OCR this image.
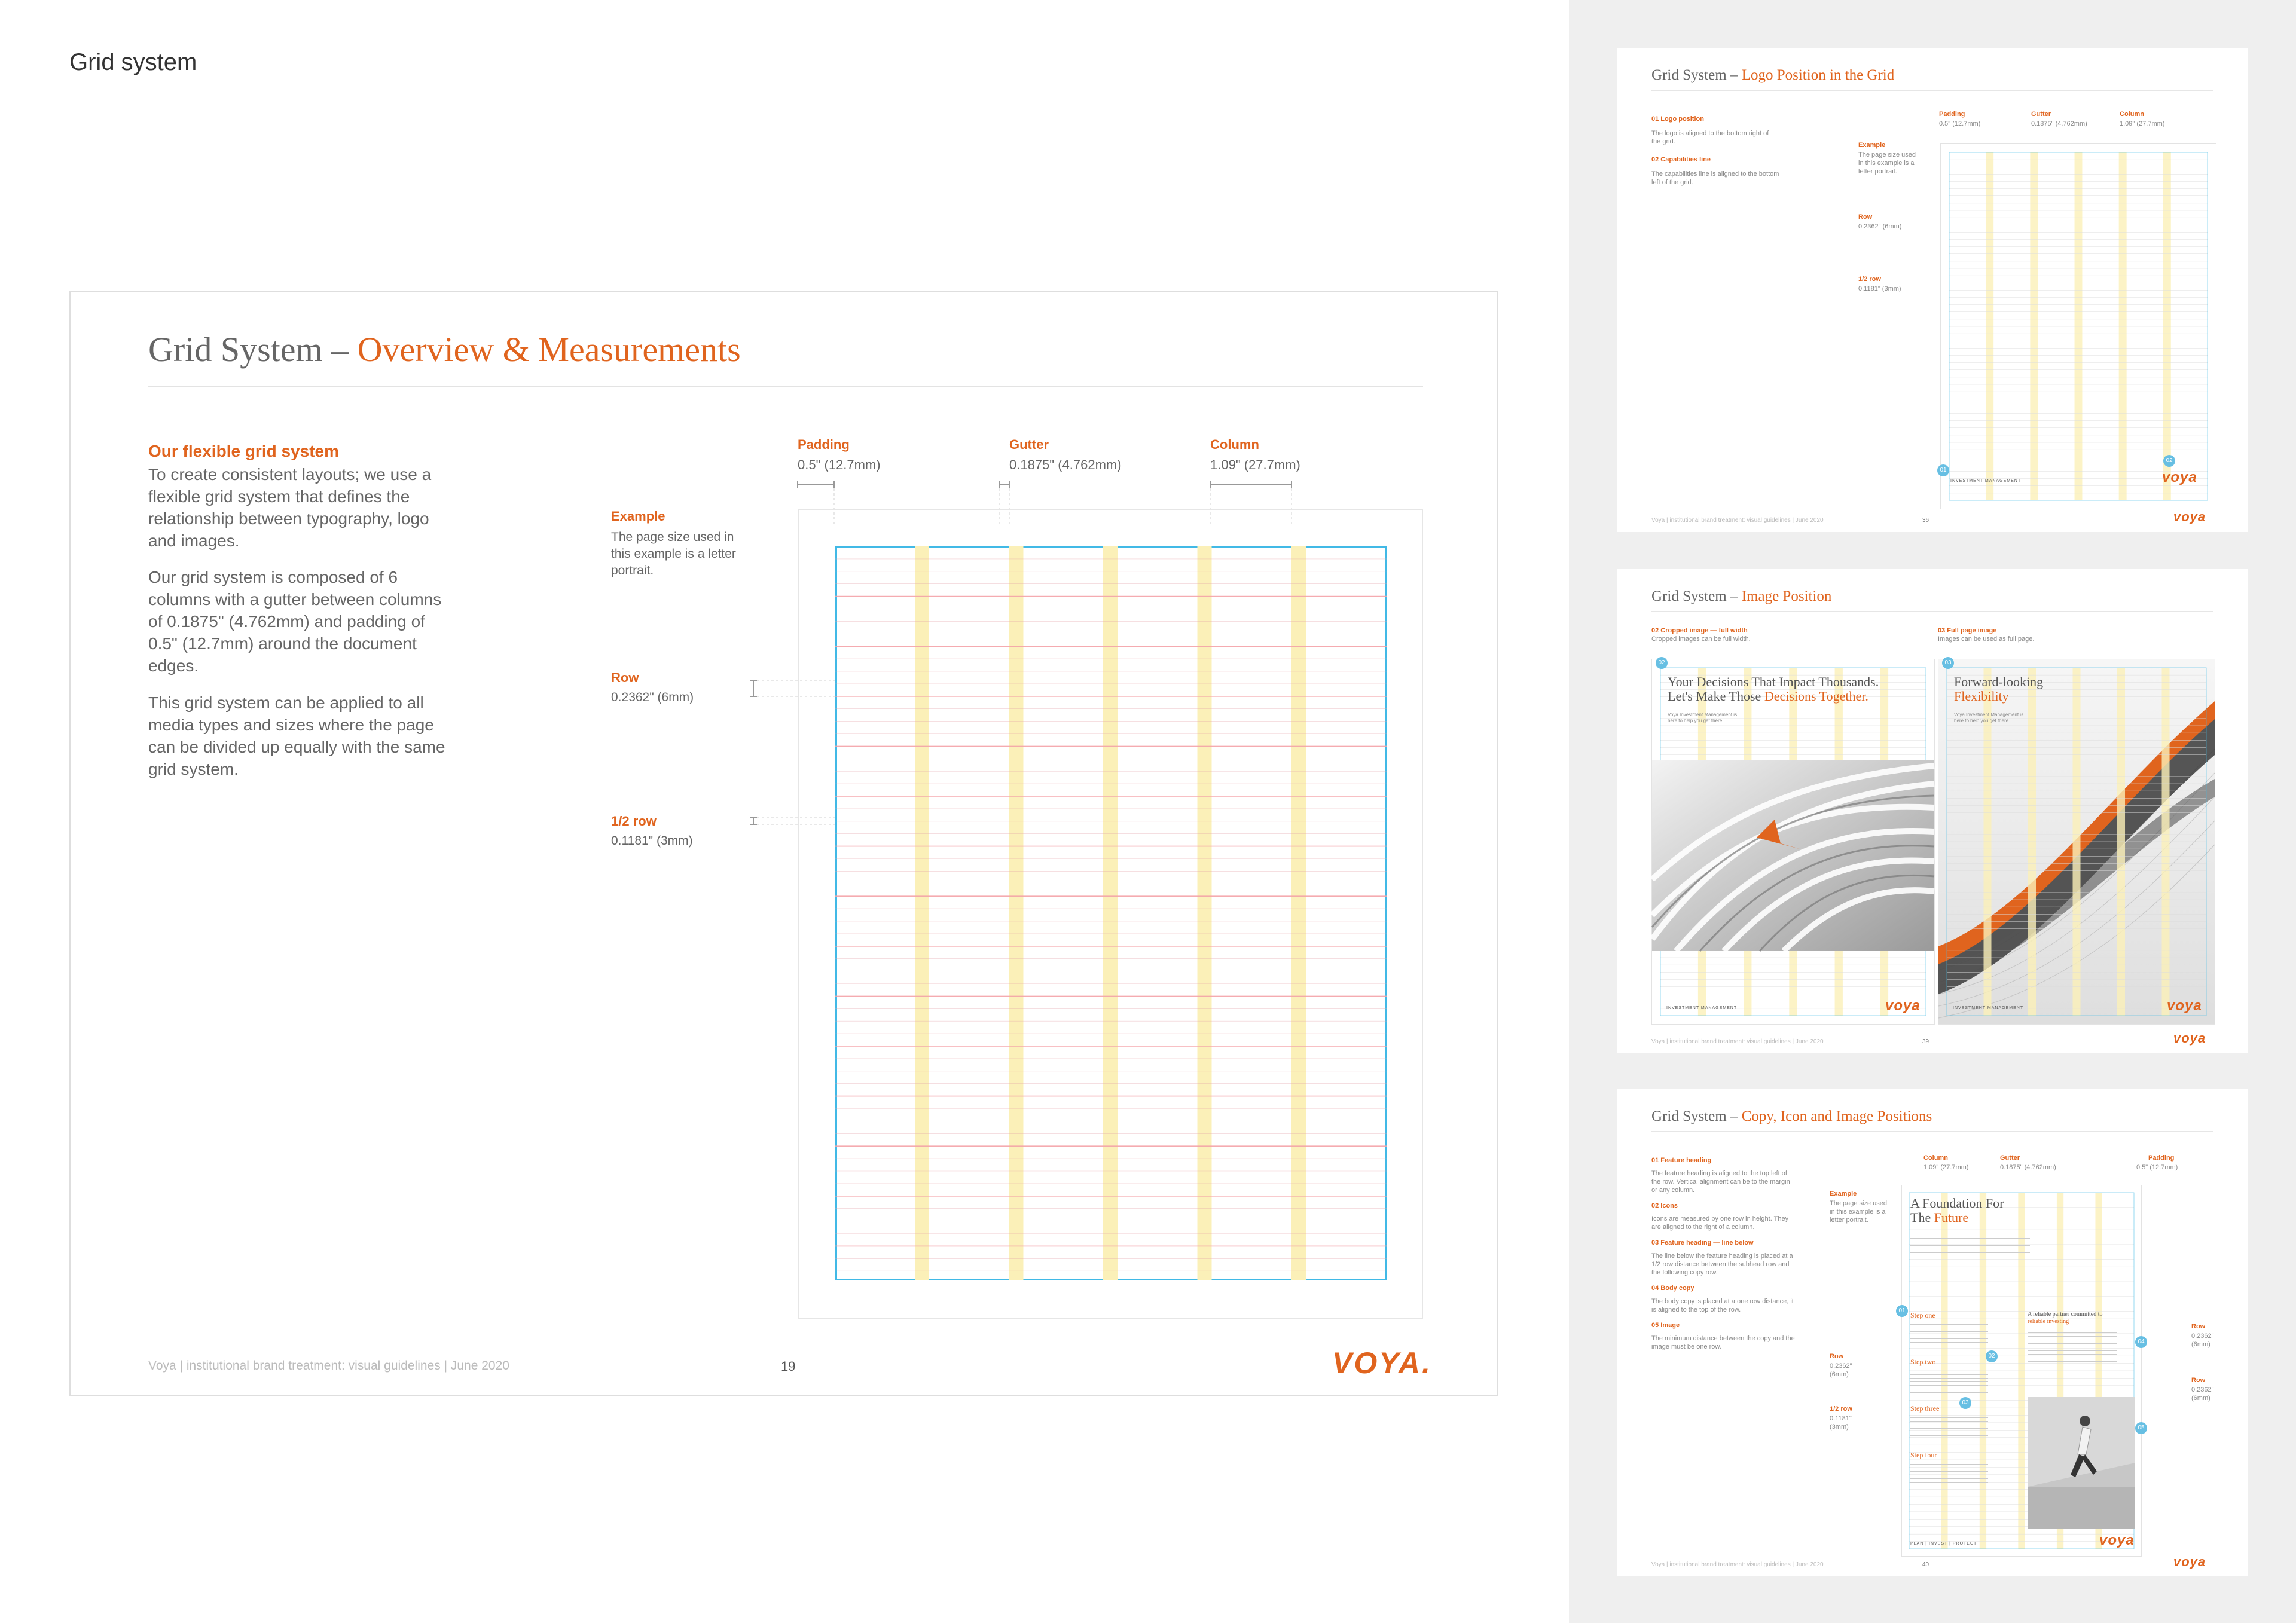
Grid system
Grid System – Overview & Measurements
Our flexible grid system
To create consistent layouts; we use a flexible grid system that defines the relationship between typography, logo and images.
Our grid system is composed of 6 columns with a gutter between columns of 0.1875" (4.762mm) and padding of 0.5" (12.7mm) around the document edges.
This grid system can be applied to all media types and sizes where the page can be divided up equally with the same grid system.
Padding
0.5" (12.7mm)
Gutter
0.1875" (4.762mm)
Column
1.09" (27.7mm)
Example
The page size used in this example is a letter portrait.
Row
0.2362" (6mm)
1/2 row
0.1181" (3mm)
Voya | institutional brand treatment: visual guidelines | June 2020	19	VOYA.
Grid System – Logo Position in the Grid
01 Logo position
The logo is aligned to the bottom right of the grid.
02 Capabilities line
The capabilities line is aligned to the bottom left of the grid.
Example
The page size used in this example is a letter portrait.
Row
0.2362" (6mm)
1/2 row
0.1181" (3mm)
Padding
0.5" (12.7mm)
Gutter
0.1875" (4.762mm)
Column
1.09" (27.7mm)
01
02
INVESTMENT MANAGEMENT	voya
Voya | institutional brand treatment: visual guidelines | June 2020	36	voya
Grid System – Image Position
02 Cropped image — full width
Cropped images can be full width.
03 Full page image
Images can be used as full page.
Your Decisions That Impact Thousands.
Let's Make Those Decisions Together.
Voya Investment Management is here to help you get there.
02
INVESTMENT MANAGEMENT	voya
Forward-looking
Flexibility
Voya Investment Management is here to help you get there.
03
INVESTMENT MANAGEMENT	voya
Voya | institutional brand treatment: visual guidelines | June 2020	39	voya
Grid System – Copy, Icon and Image Positions
01 Feature heading
The feature heading is aligned to the top left of the row. Vertical alignment can be to the margin or any column.
02 Icons
Icons are measured by one row in height. They are aligned to the right of a column.
03 Feature heading — line below
The line below the feature heading is placed at a 1/2 row distance between the subhead row and the following copy row.
04 Body copy
The body copy is placed at a one row distance, it is aligned to the top of the row.
05 Image
The minimum distance between the copy and the image must be one row.
Example
The page size used in this example is a letter portrait.
Row
0.2362" (6mm)
1/2 row
0.1181" (3mm)
Column
1.09" (27.7mm)
Gutter
0.1875" (4.762mm)
Padding
0.5" (12.7mm)
Row
0.2362" (6mm)
Row
0.2362" (6mm)
A Foundation For
The Future
Step one
Step two
Step three
Step four
A reliable partner committed to
reliable investing
01
02
03
04
05
PLAN | INVEST | PROTECT	voya
Voya | institutional brand treatment: visual guidelines | June 2020	40	voya
